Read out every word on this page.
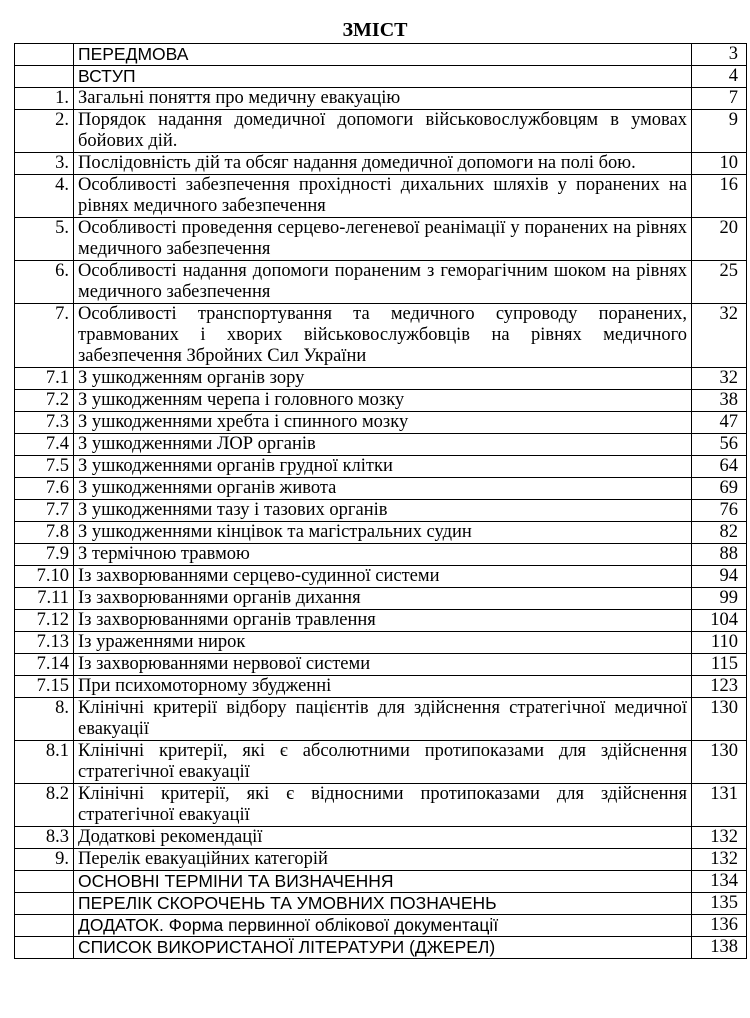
ЗМІСТ
	ПЕРЕДМОВА	3
	ВСТУП	4
1.	Загальні поняття про медичну евакуацію	7
2.	Порядок надання домедичної допомоги військовослужбовцям в умовах бойових дій.	9
3.	Послідовність дій та обсяг надання домедичної допомоги на полі бою.	10
4.	Особливості забезпечення прохідності дихальних шляхів у поранених на рівнях медичного забезпечення	16
5.	Особливості проведення серцево-легеневої реанімації у поранених на рівнях медичного забезпечення	20
6.	Особливості надання допомоги пораненим з геморагічним шоком на рівнях медичного забезпечення	25
7.	Особливості транспортування та медичного супроводу поранених, травмованих і хворих військовослужбовців на рівнях медичного забезпечення Збройних Сил України	32
7.1	З ушкодженням органів зору	32
7.2	З ушкодженням черепа і головного мозку	38
7.3	З ушкодженнями хребта і спинного мозку	47
7.4	З ушкодженнями ЛОР органів	56
7.5	З ушкодженнями органів грудної клітки	64
7.6	З ушкодженнями органів живота	69
7.7	З ушкодженнями тазу і тазових органів	76
7.8	З ушкодженнями кінцівок та магістральних судин	82
7.9	З термічною травмою	88
7.10	Із захворюваннями серцево-судинної системи	94
7.11	Із захворюваннями органів дихання	99
7.12	Із захворюваннями органів травлення	104
7.13	Із ураженнями нирок	110
7.14	Із захворюваннями нервової системи	115
7.15	При психомоторному збудженні	123
8.	Клінічні критерії відбору пацієнтів для здійснення стратегічної медичної евакуації	130
8.1	Клінічні критерії, які є абсолютними протипоказами для здійснення стратегічної евакуації	130
8.2	Клінічні критерії, які є відносними протипоказами для здійснення стратегічної евакуації	131
8.3	Додаткові рекомендації	132
9.	Перелік евакуаційних категорій	132
	ОСНОВНІ ТЕРМІНИ ТА ВИЗНАЧЕННЯ	134
	ПЕРЕЛІК СКОРОЧЕНЬ ТА УМОВНИХ ПОЗНАЧЕНЬ	135
	ДОДАТОК. Форма первинної облікової документації	136
	СПИСОК ВИКОРИСТАНОЇ ЛІТЕРАТУРИ (ДЖЕРЕЛ)	138
